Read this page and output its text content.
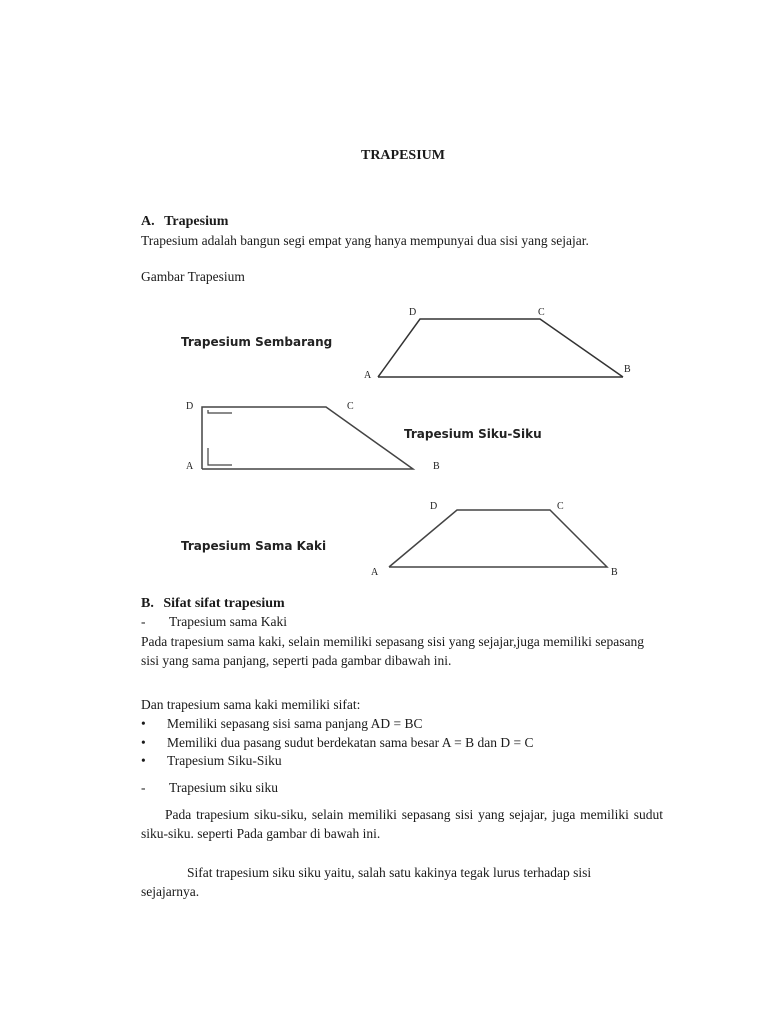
TRAPESIUM
A. Trapesium
Trapesium adalah bangun segi empat yang hanya mempunyai dua sisi yang sejajar.
Gambar Trapesium
Trapesium Sembarang
D	C
B
A
D	C
A	B
Trapesium Siku-Siku
D	C
A	B
Trapesium Sama Kaki
B. Sifat sifat trapesium
- Trapesium sama Kaki
Pada trapesium sama kaki, selain memiliki sepasang sisi yang sejajar,juga memiliki sepasang sisi yang sama panjang, seperti pada gambar dibawah ini.
Dan trapesium sama kaki memiliki sifat:
• Memiliki sepasang sisi sama panjang AD = BC
• Memiliki dua pasang sudut berdekatan sama besar A = B dan D = C
• Trapesium Siku-Siku
- Trapesium siku siku
Pada trapesium siku-siku, selain memiliki sepasang sisi yang sejajar, juga memiliki sudut siku-siku. seperti Pada gambar di bawah ini.
Sifat trapesium siku siku yaitu, salah satu kakinya tegak lurus terhadap sisi sejajarnya.
